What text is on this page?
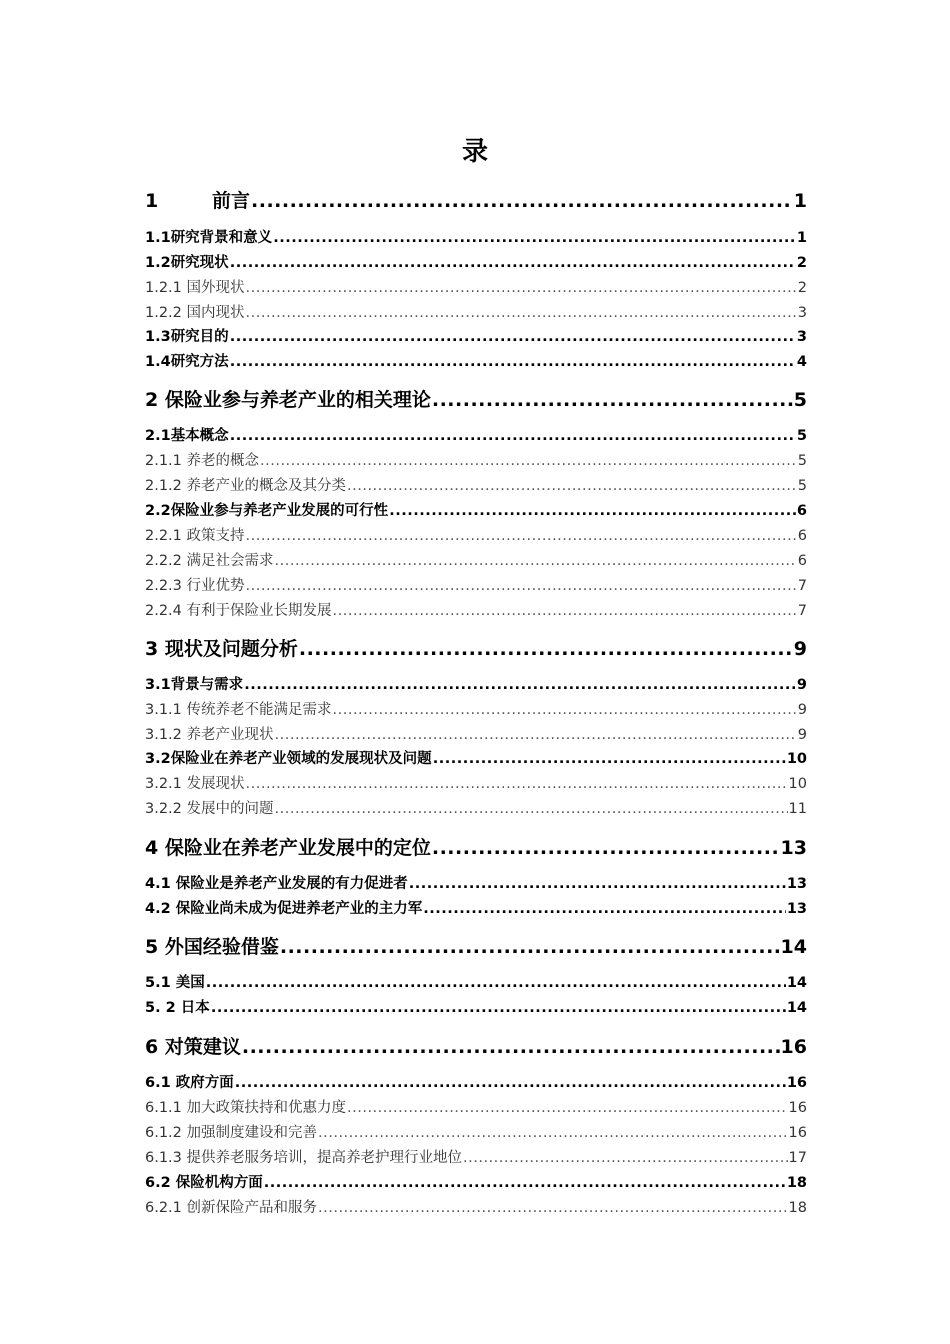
录
1	前言 .....	1
1.1研究背景和意义 .....	1
1.2研究现状 .....	2
1.2.1 国外现状 .....	2
1.2.2 国内现状 .....	3
1.3研究目的 .....	3
1.4研究方法 .....	4
2 保险业参与养老产业的相关理论 .....	5
2.1基本概念 .....	5
2.1.1 养老的概念 .....	5
2.1.2 养老产业的概念及其分类 .....	5
2.2保险业参与养老产业发展的可行性 .....	6
2.2.1 政策支持 .....	6
2.2.2 满足社会需求 .....	6
2.2.3 行业优势 .....	7
2.2.4 有利于保险业长期发展 .....	7
3 现状及问题分析 .....	9
3.1背景与需求 .....	9
3.1.1 传统养老不能满足需求 .....	9
3.1.2 养老产业现状 .....	9
3.2保险业在养老产业领域的发展现状及问题 .....	10
3.2.1 发展现状 .....	10
3.2.2 发展中的问题 .....	11
4 保险业在养老产业发展中的定位 .....	13
4.1 保险业是养老产业发展的有力促进者 .....	13
4.2 保险业尚未成为促进养老产业的主力军 .....	13
5 外国经验借鉴 .....	14
5.1 美国 .....	14
5. 2 日本 .....	14
6 对策建议 .....	16
6.1 政府方面 .....	16
6.1.1 加大政策扶持和优惠力度 .....	16
6.1.2 加强制度建设和完善 .....	16
6.1.3 提供养老服务培训，提高养老护理行业地位 .....	17
6.2 保险机构方面 .....	18
6.2.1 创新保险产品和服务 .....	18
